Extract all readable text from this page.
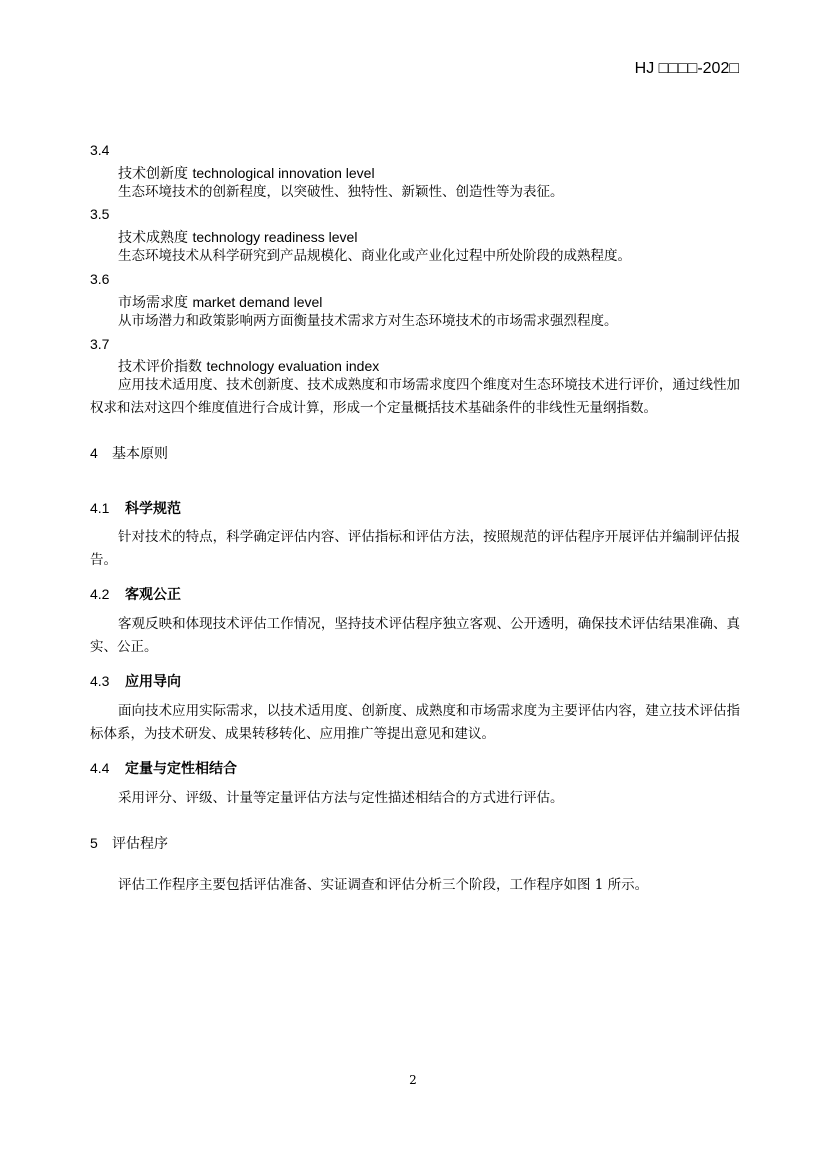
HJ □□□□-202□
3.4
技术创新度 technological innovation level
生态环境技术的创新程度，以突破性、独特性、新颖性、创造性等为表征。
3.5
技术成熟度 technology readiness level
生态环境技术从科学研究到产品规模化、商业化或产业化过程中所处阶段的成熟程度。
3.6
市场需求度 market demand level
从市场潜力和政策影响两方面衡量技术需求方对生态环境技术的市场需求强烈程度。
3.7
技术评价指数 technology evaluation index
应用技术适用度、技术创新度、技术成熟度和市场需求度四个维度对生态环境技术进行评价，通过线性加权求和法对这四个维度值进行合成计算，形成一个定量概括技术基础条件的非线性无量纲指数。
4 基本原则
4.1 科学规范
针对技术的特点，科学确定评估内容、评估指标和评估方法，按照规范的评估程序开展评估并编制评估报告。
4.2 客观公正
客观反映和体现技术评估工作情况，坚持技术评估程序独立客观、公开透明，确保技术评估结果准确、真实、公正。
4.3 应用导向
面向技术应用实际需求，以技术适用度、创新度、成熟度和市场需求度为主要评估内容，建立技术评估指标体系，为技术研发、成果转移转化、应用推广等提出意见和建议。
4.4 定量与定性相结合
采用评分、评级、计量等定量评估方法与定性描述相结合的方式进行评估。
5 评估程序
评估工作程序主要包括评估准备、实证调查和评估分析三个阶段，工作程序如图 1 所示。
2
